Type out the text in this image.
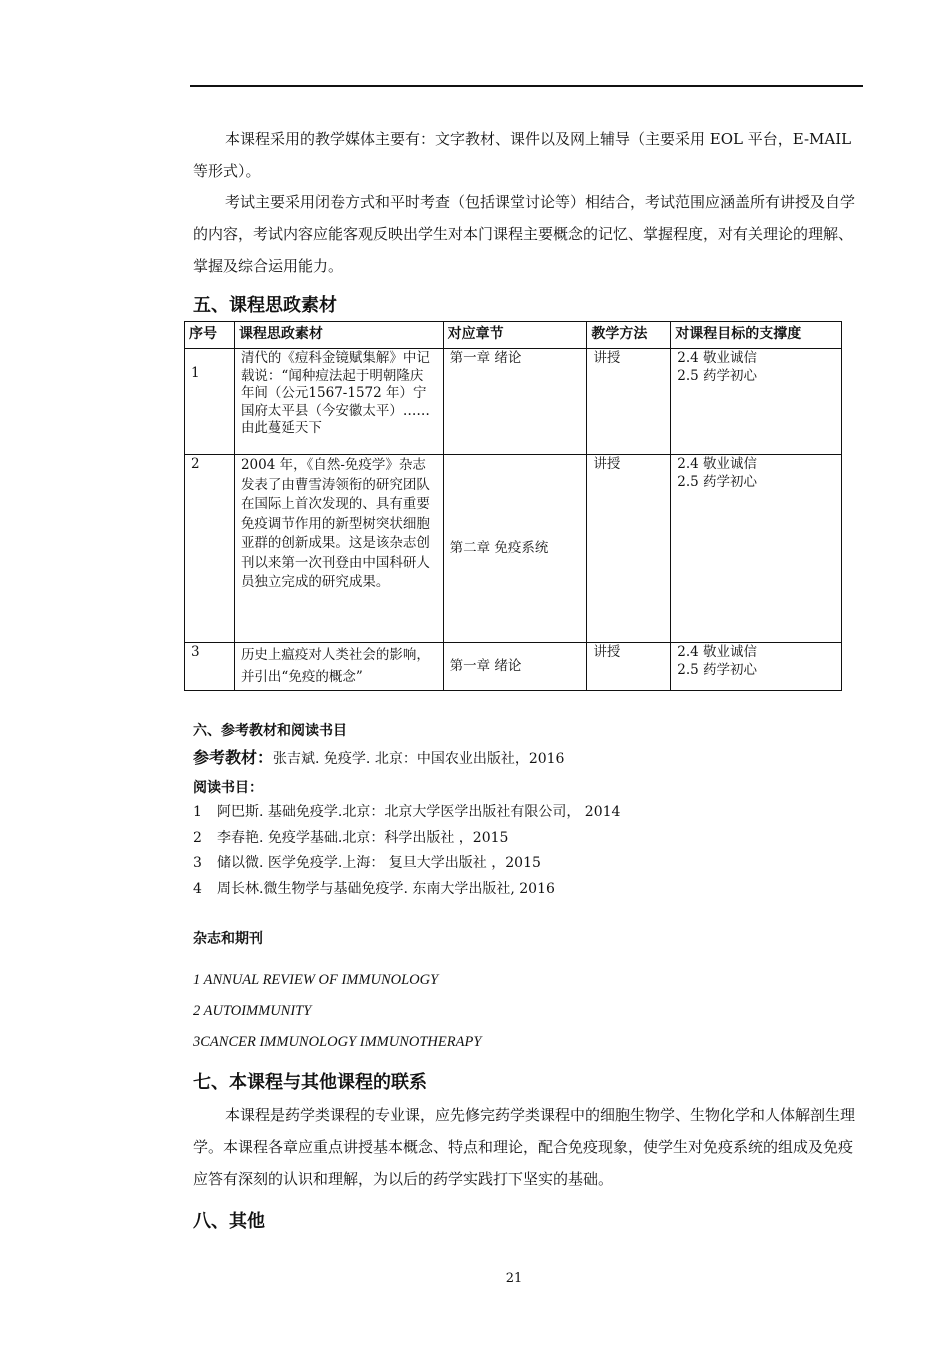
本课程采用的教学媒体主要有：文字教材、课件以及网上辅导（主要采用 EOL 平台，E-MAIL 等形式）。
考试主要采用闭卷方式和平时考查（包括课堂讨论等）相结合，考试范围应涵盖所有讲授及自学的内容，考试内容应能客观反映出学生对本门课程主要概念的记忆、掌握程度，对有关理论的理解、掌握及综合运用能力。
五、课程思政素材
序号	课程思政素材	对应章节	教学方法	对课程目标的支撑度
1	清代的《痘科金镜赋集解》中记载说：“闻种痘法起于明朝隆庆年间（公元1567-1572 年）宁国府太平县（今安徽太平）……由此蔓延天下	第一章 绪论	讲授	2.4 敬业诚信
2.5 药学初心

2	2004 年，《自然-免疫学》杂志发表了由曹雪涛领衔的研究团队在国际上首次发现的、具有重要免疫调节作用的新型树突状细胞亚群的创新成果。这是该杂志创刊以来第一次刊登由中国科研人员独立完成的研究成果。	第二章 免疫系统	讲授	2.4 敬业诚信
2.5 药学初心

3	历史上瘟疫对人类社会的影响，并引出“免疫的概念”	第一章 绪论	讲授	2.4 敬业诚信
2.5 药学初心
六、参考教材和阅读书目
参考教材：张吉斌. 免疫学. 北京：中国农业出版社，2016
阅读书目：
1 阿巴斯. 基础免疫学.北京：北京大学医学出版社有限公司， 2014
2 李春艳. 免疫学基础.北京：科学出版社 ，2015
3 储以微. 医学免疫学.上海： 复旦大学出版社 ，2015
4 周长林.微生物学与基础免疫学. 东南大学出版社, 2016
杂志和期刊
1 ANNUAL REVIEW OF IMMUNOLOGY
2 AUTOIMMUNITY
3CANCER IMMUNOLOGY IMMUNOTHERAPY
七、本课程与其他课程的联系
本课程是药学类课程的专业课，应先修完药学类课程中的细胞生物学、生物化学和人体解剖生理学。本课程各章应重点讲授基本概念、特点和理论，配合免疫现象，使学生对免疫系统的组成及免疫应答有深刻的认识和理解，为以后的药学实践打下坚实的基础。
八、其他
21
